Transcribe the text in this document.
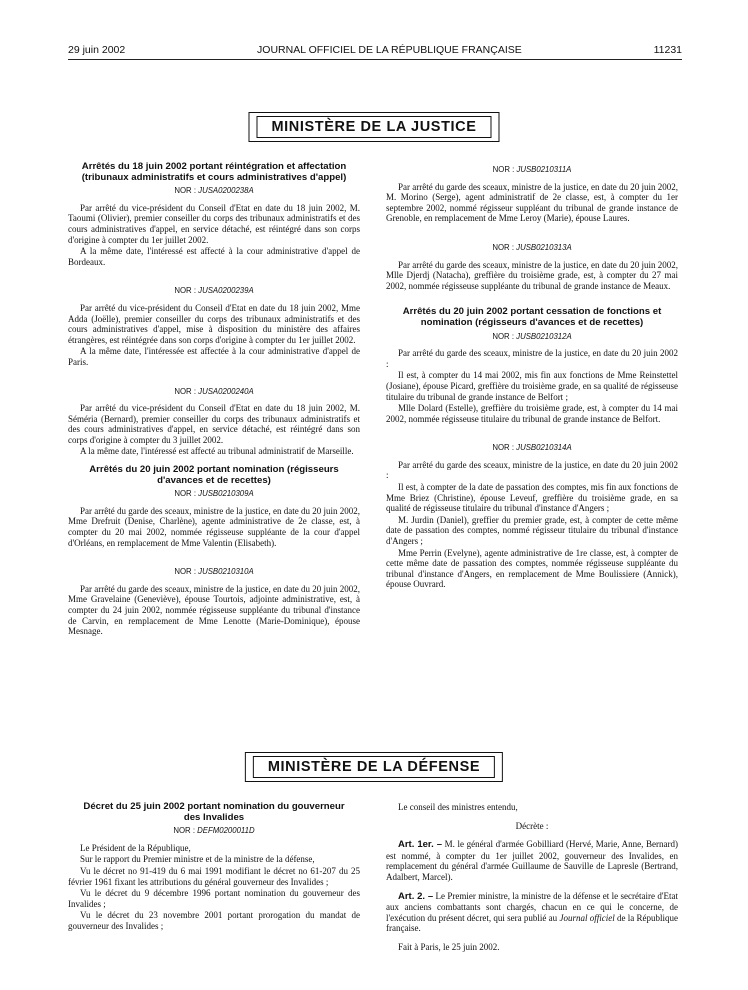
29 juin 2002	JOURNAL OFFICIEL DE LA RÉPUBLIQUE FRANÇAISE	11231
MINISTÈRE DE LA JUSTICE
Arrêtés du 18 juin 2002 portant réintégration et affectation (tribunaux administratifs et cours administratives d'appel)
NOR : JUSA0200238A

Par arrêté du vice-président du Conseil d'Etat en date du 18 juin 2002, M. Taoumi (Olivier), premier conseiller du corps des tribunaux administratifs et des cours administratives d'appel, en service détaché, est réintégré dans son corps d'origine à compter du 1er juillet 2002.

A la même date, l'intéressé est affecté à la cour administrative d'appel de Bordeaux.

NOR : JUSA0200239A

Par arrêté du vice-président du Conseil d'Etat en date du 18 juin 2002, Mme Adda (Joëlle), premier conseiller du corps des tribunaux administratifs et des cours administratives d'appel, mise à disposition du ministère des affaires étrangères, est réintégrée dans son corps d'origine à compter du 1er juillet 2002.

A la même date, l'intéressée est affectée à la cour administrative d'appel de Paris.

NOR : JUSA0200240A

Par arrêté du vice-président du Conseil d'Etat en date du 18 juin 2002, M. Séméria (Bernard), premier conseiller du corps des tribunaux administratifs et des cours administratives d'appel, en service détaché, est réintégré dans son corps d'origine à compter du 3 juillet 2002.

A la même date, l'intéressé est affecté au tribunal administratif de Marseille.

Arrêtés du 20 juin 2002 portant nomination (régisseurs d'avances et de recettes)
NOR : JUSB0210309A

Par arrêté du garde des sceaux, ministre de la justice, en date du 20 juin 2002, Mme Drefruit (Denise, Charlène), agente administrative de 2e classe, est, à compter du 20 mai 2002, nommée régisseuse suppléante de la cour d'appel d'Orléans, en remplacement de Mme Valentin (Elisabeth).

NOR : JUSB0210310A

Par arrêté du garde des sceaux, ministre de la justice, en date du 20 juin 2002, Mme Gravelaine (Geneviève), épouse Tourtois, adjointe administrative, est, à compter du 24 juin 2002, nommée régisseuse suppléante du tribunal d'instance de Carvin, en remplacement de Mme Lenotte (Marie-Dominique), épouse Mesnage.

NOR : JUSB0210311A

Par arrêté du garde des sceaux, ministre de la justice, en date du 20 juin 2002, M. Morino (Serge), agent administratif de 2e classe, est, à compter du 1er septembre 2002, nommé régisseur suppléant du tribunal de grande instance de Grenoble, en remplacement de Mme Leroy (Marie), épouse Laures.

NOR : JUSB0210313A

Par arrêté du garde des sceaux, ministre de la justice, en date du 20 juin 2002, Mlle Djerdj (Natacha), greffière du troisième grade, est, à compter du 27 mai 2002, nommée régisseuse suppléante du tribunal de grande instance de Meaux.

Arrêtés du 20 juin 2002 portant cessation de fonctions et nomination (régisseurs d'avances et de recettes)
NOR : JUSB0210312A

Par arrêté du garde des sceaux, ministre de la justice, en date du 20 juin 2002 :

Il est, à compter du 14 mai 2002, mis fin aux fonctions de Mme Reinstettel (Josiane), épouse Picard, greffière du troisième grade, en sa qualité de régisseuse titulaire du tribunal de grande instance de Belfort ;

Mlle Dolard (Estelle), greffière du troisième grade, est, à compter du 14 mai 2002, nommée régisseuse titulaire du tribunal de grande instance de Belfort.

NOR : JUSB0210314A

Par arrêté du garde des sceaux, ministre de la justice, en date du 20 juin 2002 :

Il est, à compter de la date de passation des comptes, mis fin aux fonctions de Mme Briez (Christine), épouse Leveuf, greffière du troisième grade, en sa qualité de régisseuse titulaire du tribunal d'instance d'Angers ;

M. Jurdin (Daniel), greffier du premier grade, est, à compter de cette même date de passation des comptes, nommé régisseur titulaire du tribunal d'instance d'Angers ;

Mme Perrin (Evelyne), agente administrative de 1re classe, est, à compter de cette même date de passation des comptes, nommée régisseuse suppléante du tribunal d'instance d'Angers, en remplacement de Mme Boulissiere (Annick), épouse Ouvrard.

MINISTÈRE DE LA DÉFENSE
Décret du 25 juin 2002 portant nomination du gouverneur des Invalides
NOR : DEFM0200011D

Le Président de la République,

Sur le rapport du Premier ministre et de la ministre de la défense,

Vu le décret no 91-419 du 6 mai 1991 modifiant le décret no 61-207 du 25 février 1961 fixant les attributions du général gouverneur des Invalides ;

Vu le décret du 9 décembre 1996 portant nomination du gouverneur des Invalides ;

Vu le décret du 23 novembre 2001 portant prorogation du mandat de gouverneur des Invalides ;

Le conseil des ministres entendu,

Décrète :

Art. 1er. – M. le général d'armée Gobilliard (Hervé, Marie, Anne, Bernard) est nommé, à compter du 1er juillet 2002, gouverneur des Invalides, en remplacement du général d'armée Guillaume de Sauville de Lapresle (Bertrand, Adalbert, Marcel).

Art. 2. – Le Premier ministre, la ministre de la défense et le secrétaire d'Etat aux anciens combattants sont chargés, chacun en ce qui le concerne, de l'exécution du présent décret, qui sera publié au Journal officiel de la République française.

Fait à Paris, le 25 juin 2002.
